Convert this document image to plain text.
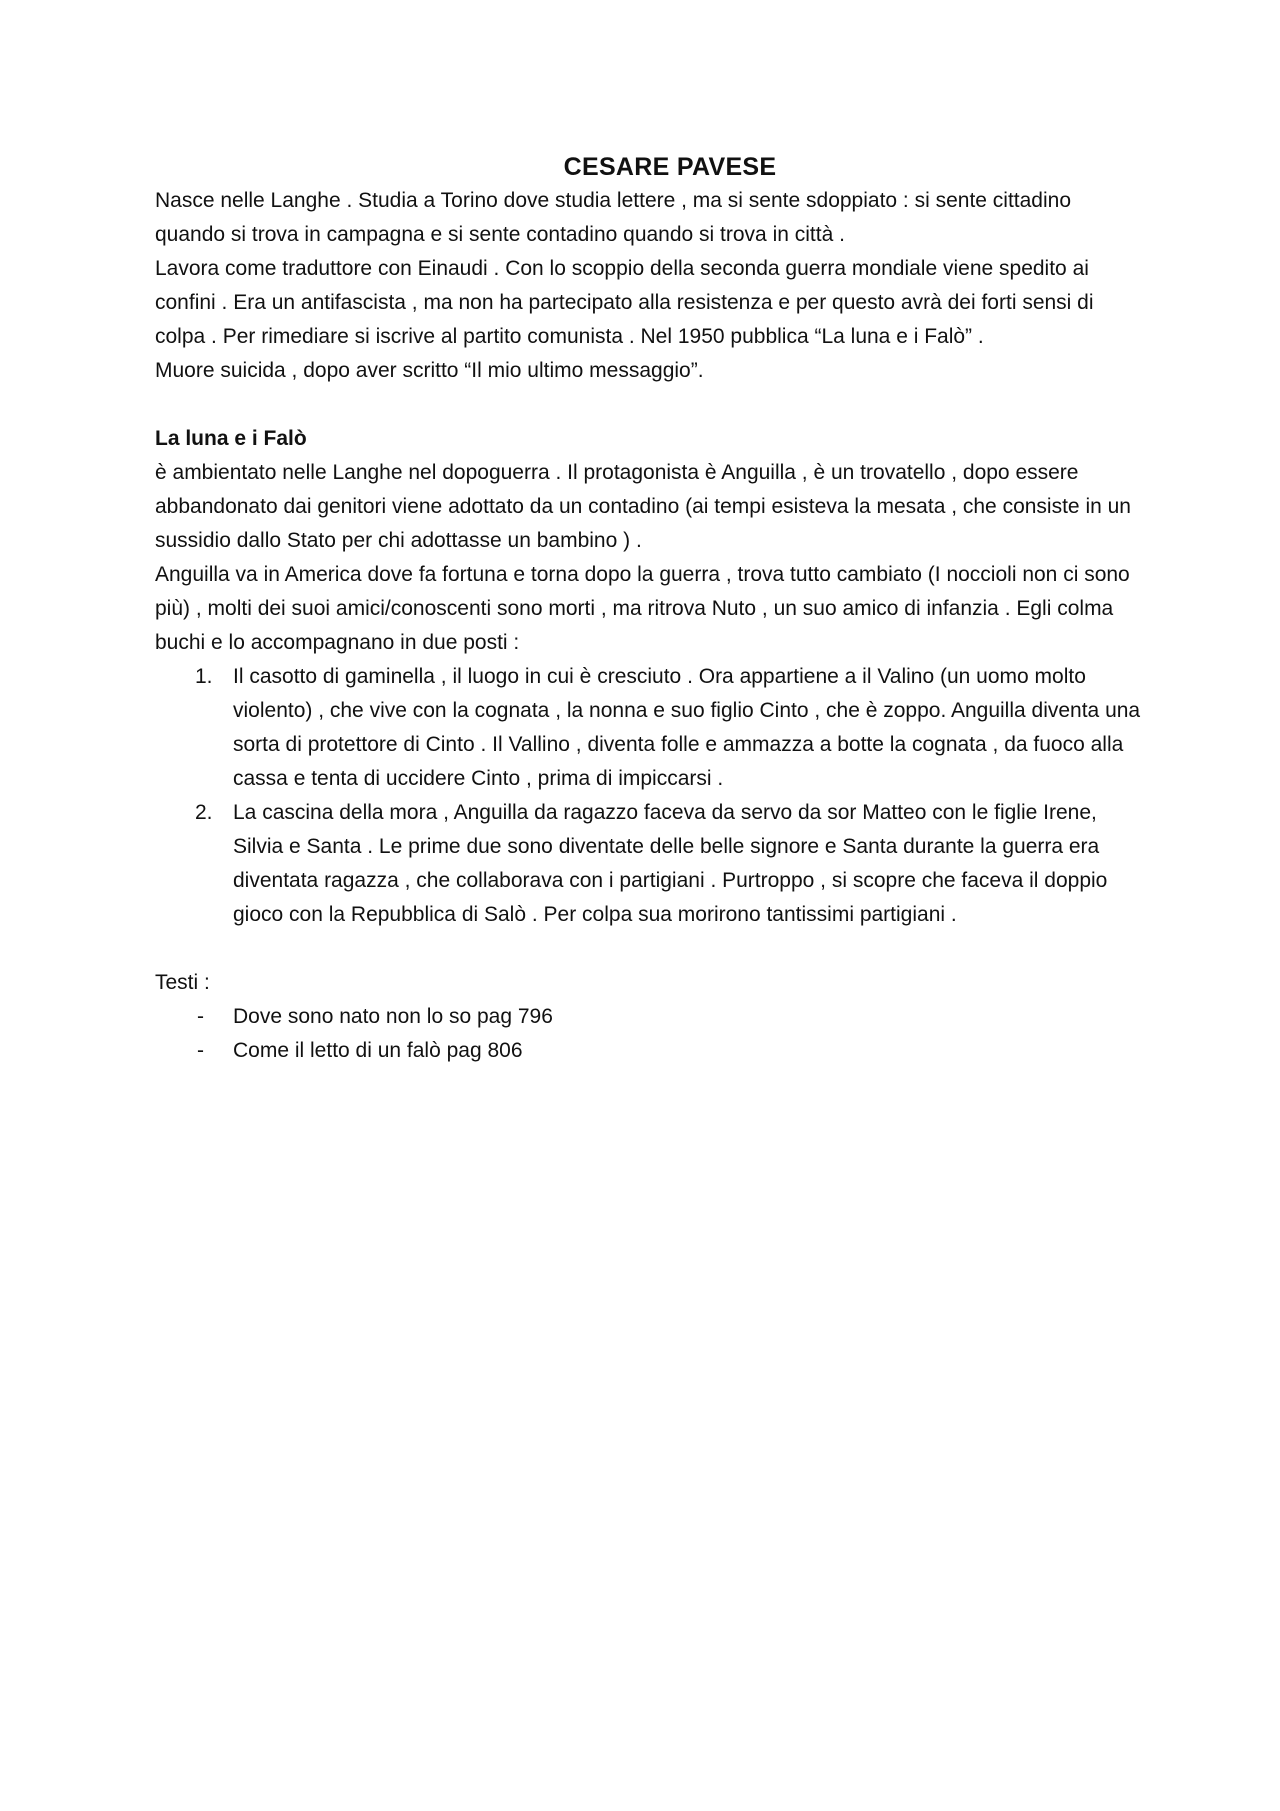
CESARE PAVESE

Nasce nelle Langhe . Studia a Torino dove studia lettere , ma si sente sdoppiato : si sente cittadino quando si trova in campagna e si sente contadino quando si trova in città .

Lavora come traduttore con Einaudi . Con lo scoppio della seconda guerra mondiale viene spedito ai confini . Era un antifascista , ma non ha partecipato alla resistenza e per questo avrà dei forti sensi di colpa . Per rimediare si iscrive al partito comunista . Nel 1950 pubblica “La luna e i Falò” .

Muore suicida , dopo aver scritto “Il mio ultimo messaggio”.

La luna e i Falò

è ambientato nelle Langhe nel dopoguerra . Il protagonista è Anguilla , è un trovatello , dopo essere abbandonato dai genitori viene adottato da un contadino (ai tempi esisteva la mesata , che consiste in un sussidio dallo Stato per chi adottasse un bambino ) .

Anguilla va in America dove fa fortuna e torna dopo la guerra , trova tutto cambiato (I noccioli non ci sono più) , molti dei suoi amici/conoscenti sono morti , ma ritrova Nuto , un suo amico di infanzia . Egli colma buchi e lo accompagnano in due posti :

1. Il casotto di gaminella , il luogo in cui è cresciuto . Ora appartiene a il Valino (un uomo molto violento) , che vive con la cognata , la nonna e suo figlio Cinto , che è zoppo. Anguilla diventa una sorta di protettore di Cinto . Il Vallino , diventa folle e ammazza a botte la cognata , da fuoco alla cassa e tenta di uccidere Cinto , prima di impiccarsi .
2. La cascina della mora , Anguilla da ragazzo faceva da servo da sor Matteo con le figlie Irene, Silvia e Santa . Le prime due sono diventate delle belle signore e Santa durante la guerra era diventata ragazza , che collaborava con i partigiani . Purtroppo , si scopre che faceva il doppio gioco con la Repubblica di Salò . Per colpa sua morirono tantissimi partigiani .

Testi :

- Dove sono nato non lo so pag 796
- Come il letto di un falò pag 806
